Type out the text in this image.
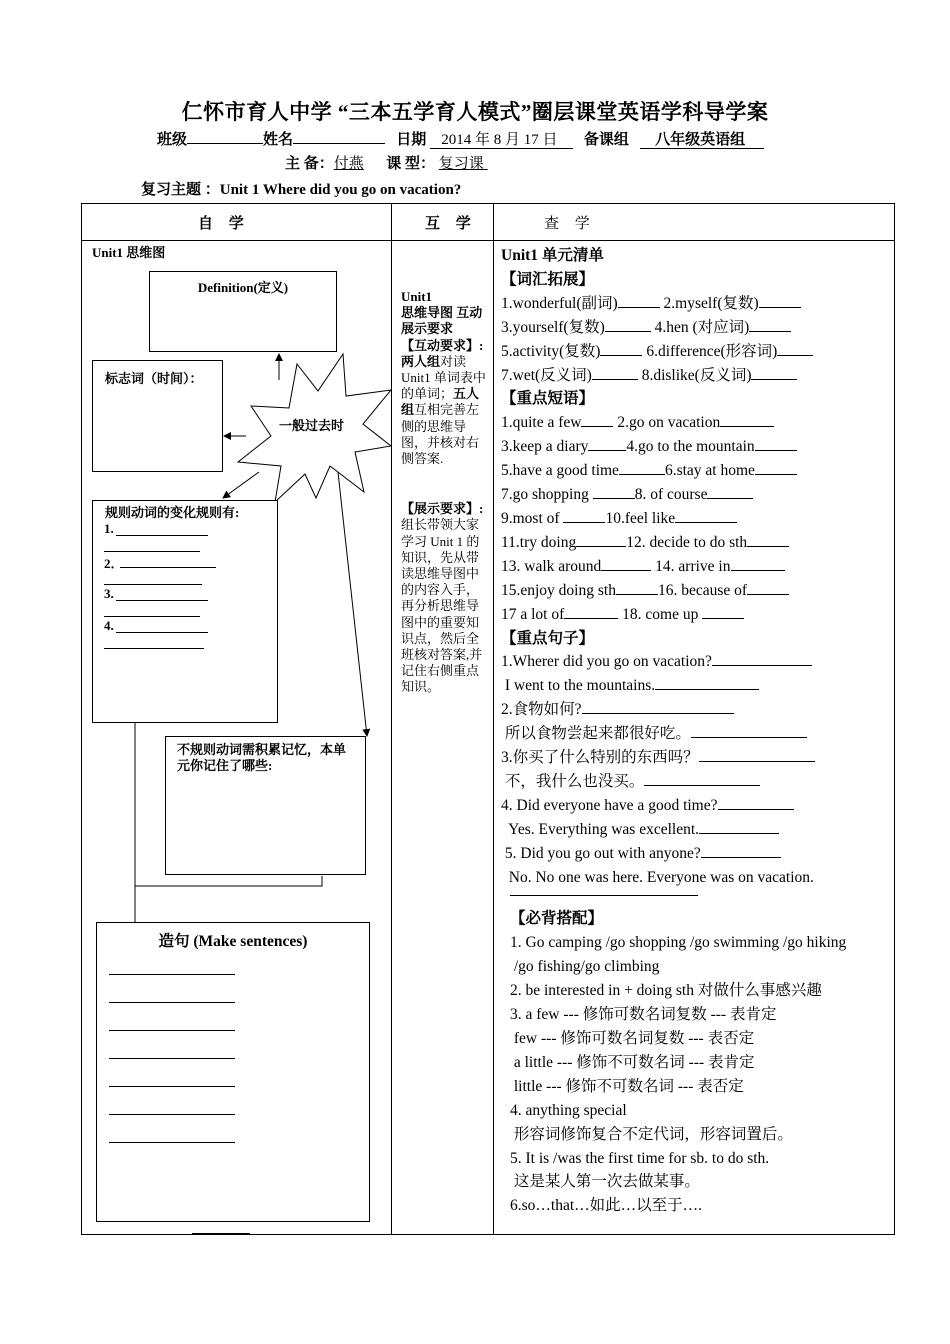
仁怀市育人中学 “三本五学育人模式”圈层课堂英语学科导学案
班级	姓名	日期 2014 年 8 月 17 日 备课组 八年级英语组
主 备：付燕 课 型： 复习课
复习主题 ：Unit 1 Where did you go on vacation?
自 学	互 学	查 学
Unit1 思维图
Definition(定义)
标志词（时间）：
一般过去时
规则动词的变化规则有:
1.
2．
3.
4.
不规则动词需积累记忆，本单元你记住了哪些:
造句 (Make sentences)
Unit1
思维导图 互动展示要求
【互动要求】:
两人组对读Unit1 单词表中的单词；五人组互相完善左侧的思维导图，并核对右侧答案.
【展示要求】:
组长带领大家学习 Unit 1 的知识，先从带读思维导图中的内容入手，再分析思维导图中的重要知识点，然后全班核对答案,并记住右侧重点知识。
Unit1 单元清单
【词汇拓展】
1.wonderful(副词)	2.myself(复数)
3.yourself(复数)	4.hen (对应词)
5.activity(复数)	6.difference(形容词)
7.wet(反义词)	8.dislike(反义词)
【重点短语】
1.quite a few 2.go on vacation
3.keep a diary 4.go to the mountain
5.have a good time	6.stay at home
7.go shopping	8. of course
9.most of	10.feel like
11.try doing	12. decide to do sth
13. walk around	14. arrive in
15.enjoy doing sth	16. because of
17 a lot of	18. come up
【重点句子】
1.Wherer did you go on vacation?
I went to the mountains.
2.食物如何?
所以食物尝起来都很好吃。
3.你买了什么特别的东西吗？
不，我什么也没买。
4. Did everyone have a good time?
Yes. Everything was excellent.
5. Did you go out with anyone?
No. No one was here. Everyone was on vacation.
【必背搭配】
1. Go camping /go shopping /go swimming /go hiking
/go fishing/go climbing
2. be interested in + doing sth 对做什么事感兴趣
3. a few --- 修饰可数名词复数 --- 表肯定
few --- 修饰可数名词复数 --- 表否定
a little --- 修饰不可数名词 --- 表肯定
little --- 修饰不可数名词 --- 表否定
4. anything special
形容词修饰复合不定代词，形容词置后。
5. It is /was the first time for sb. to do sth.
这是某人第一次去做某事。
6.so…that…如此…以至于….
